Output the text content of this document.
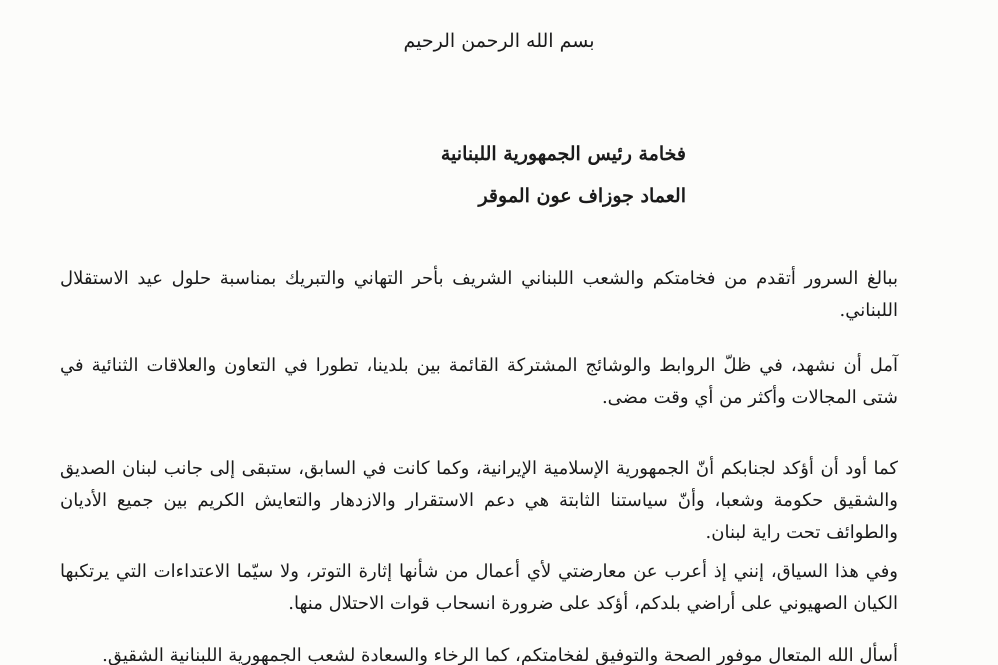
بسم الله الرحمن الرحيم
فخامة رئيس الجمهورية اللبنانية
العماد جوزاف عون الموقر
ببالغ السرور أتقدم من فخامتكم والشعب اللبناني الشريف بأحر التهاني والتبريك بمناسبة حلول عيد الاستقلال اللبناني.
آمل أن نشهد، في ظلّ الروابط والوشائج المشتركة القائمة بين بلدينا، تطورا في التعاون والعلاقات الثنائية في شتى المجالات وأكثر من أي وقت مضى.
كما أود أن أؤكد لجنابكم أنّ الجمهورية الإسلامية الإيرانية، وكما كانت في السابق، ستبقى إلى جانب لبنان الصديق والشقيق حكومة وشعبا، وأنّ سياستنا الثابتة هي دعم الاستقرار والازدهار والتعايش الكريم بين جميع الأديان والطوائف تحت راية لبنان.
وفي هذا السياق، إنني إذ أعرب عن معارضتي لأي أعمال من شأنها إثارة التوتر، ولا سيّما الاعتداءات التي يرتكبها الكيان الصهيوني على أراضي بلدكم، أؤكد على ضرورة انسحاب قوات الاحتلال منها.
أسأل الله المتعال موفور الصحة والتوفيق لفخامتكم، كما الرخاء والسعادة لشعب الجمهورية اللبنانية الشقيق.
